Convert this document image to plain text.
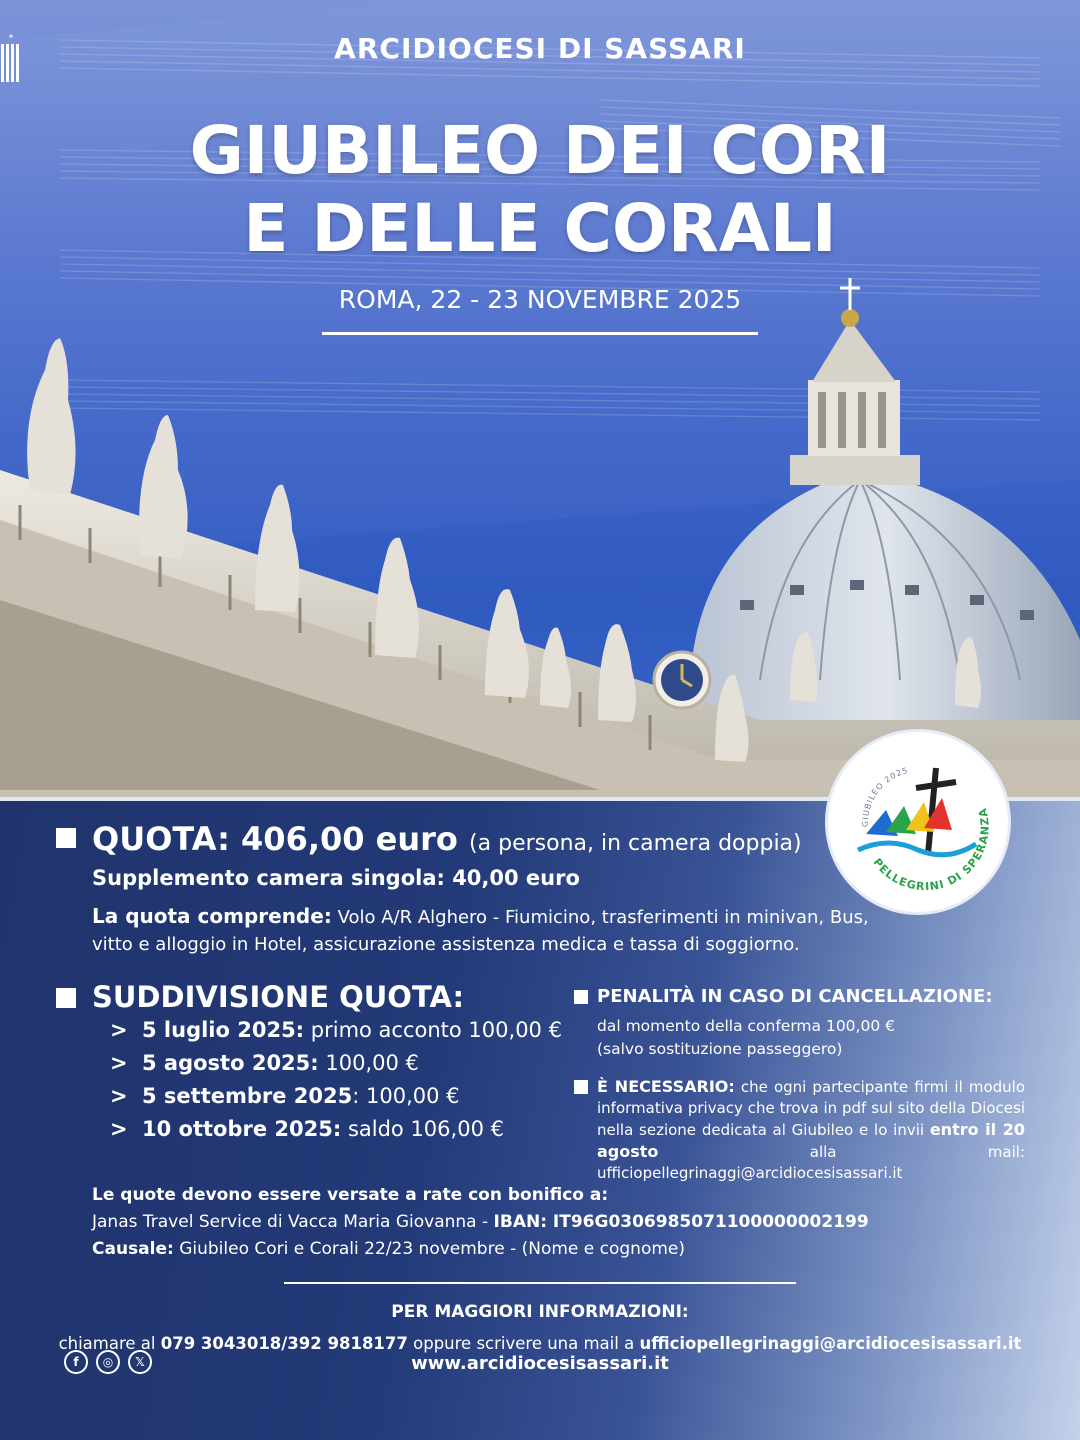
*	ARCIDIOCESI DI SASSARI
GIUBILEO DEI CORI
E DELLE CORALI
ROMA, 22 - 23 NOVEMBRE 2025
GIUBILEO 2025
PELLEGRINI DI SPERANZA
QUOTA: 406,00 euro (a persona, in camera doppia)
Supplemento camera singola: 40,00 euro
La quota comprende: Volo A/R Alghero - Fiumicino, trasferimenti in minivan, Bus,
vitto e alloggio in Hotel, assicurazione assistenza medica e tassa di soggiorno.
SUDDIVISIONE QUOTA:
> 5 luglio 2025: primo acconto 100,00 €
> 5 agosto 2025: 100,00 €
> 5 settembre 2025: 100,00 €
> 10 ottobre 2025: saldo 106,00 €
PENALITÀ IN CASO DI CANCELLAZIONE:
dal momento della conferma 100,00 €
(salvo sostituzione passeggero)
È NECESSARIO: che ogni partecipante firmi il modulo informativa privacy che trova in pdf sul sito della Diocesi nella sezione dedicata al Giubileo e lo invii entro il 20 agosto	alla mail: ufficiopellegrinaggi@arcidiocesisassari.it
Le quote devono essere versate a rate con bonifico a:
Janas Travel Service di Vacca Maria Giovanna - IBAN: IT96G0306985071100000002199
Causale: Giubileo Cori e Corali 22/23 novembre - (Nome e cognome)
PER MAGGIORI INFORMAZIONI:
chiamare al 079 3043018/392 9818177 oppure scrivere una mail a ufficiopellegrinaggi@arcidiocesisassari.it
f	◎	𝕏	www.arcidiocesisassari.it
